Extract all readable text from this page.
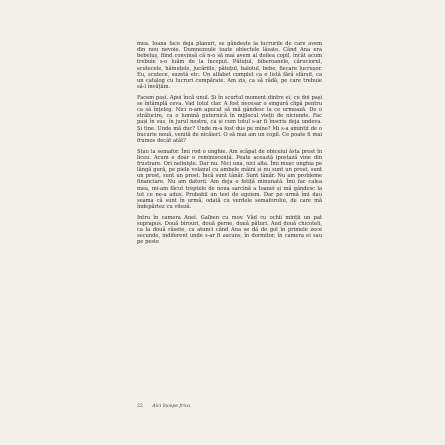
mea. Ioana face deja planuri, se gândește la lucrurile de care avem din nou nevoie. Dumnezeule toate obiectele lăsate. Când Ana era bebeluș, fiind convinsă că n-o să mai avem al doilea copil, încât acum trebuie s-o luăm de la început. Pătuțul, biberoanele, căruciorul, scutecele, hăinuțele, jucăriile, pătuțul, balotul, bebe, fiecare lucrușor. Eu, scutece, suzetă etc. Un alfabet complet ca o listă fără sfârșit, ca un catalog cu lucruri cumpărate. Am zis, ca să râdă, pe care trebuie să-l învățăm.

Facem pași. Apoi încă unul. Și în scurtul moment dintre ei, cu doi pași se întâmplă ceva. Vad totul clar. A fost necesar o singură clipă pentru ca să înțeleg. Nici n-am apucat să mă gândesc la ce urmează. De o strălucire, ca o lumină puternică în mijlocul vieții de niciunde. Fac pași în sus, în jurul nostru, ca și cum totul s-ar fi înscris deja undeva. Și tine. Unde mă duc? Unde m-a fost dus pe mine? Mi s-a amintit de o bucurie nouă, venită de nicăieri. O să mai am un copil. Ce poate fi mai frumos decât atât?

Stau la semafor. Îmi rod o unghie. Am scăpat de obiceiul ăsta prost în liceu. Acum e doar o reminiscență. Poate această ipostază vine din frustrare. Ori neliniște. Dar nu. Nici una, nici alta. Îmi mușc unghia pe lângă gură, pe piele volanul cu ambele mâini și nu sunt un prost, sunt un prost, sunt un prost. Încă sunt tânăr. Sunt tânăr. Nu am probleme financiare. Nu am datorii. Am deja o fetiță minunată. Îmi fac calea mea, mi-am făcut treptele de noua sarcină a Ioanei și mă gândesc la tot ce ne-a adus. Probabil un test de egoism. Dar pe urmă îmi dau seama că sunt în urmă, odată cu verdele semaforului, de care mă îndepărtez cu viteză.

Intru în camera Anei. Galben cu mov. Văd cu ochii minții un pat suprapus. Două birouri, două perne, două pături. Aud două chicoteli, ca la două râsete, ca atunci când Ana se dă de gol în primele zece secunde, indiferent unde s-ar fi ascuns, în dormitor, în camera ei sau pe peste

22 Aici începe frica
